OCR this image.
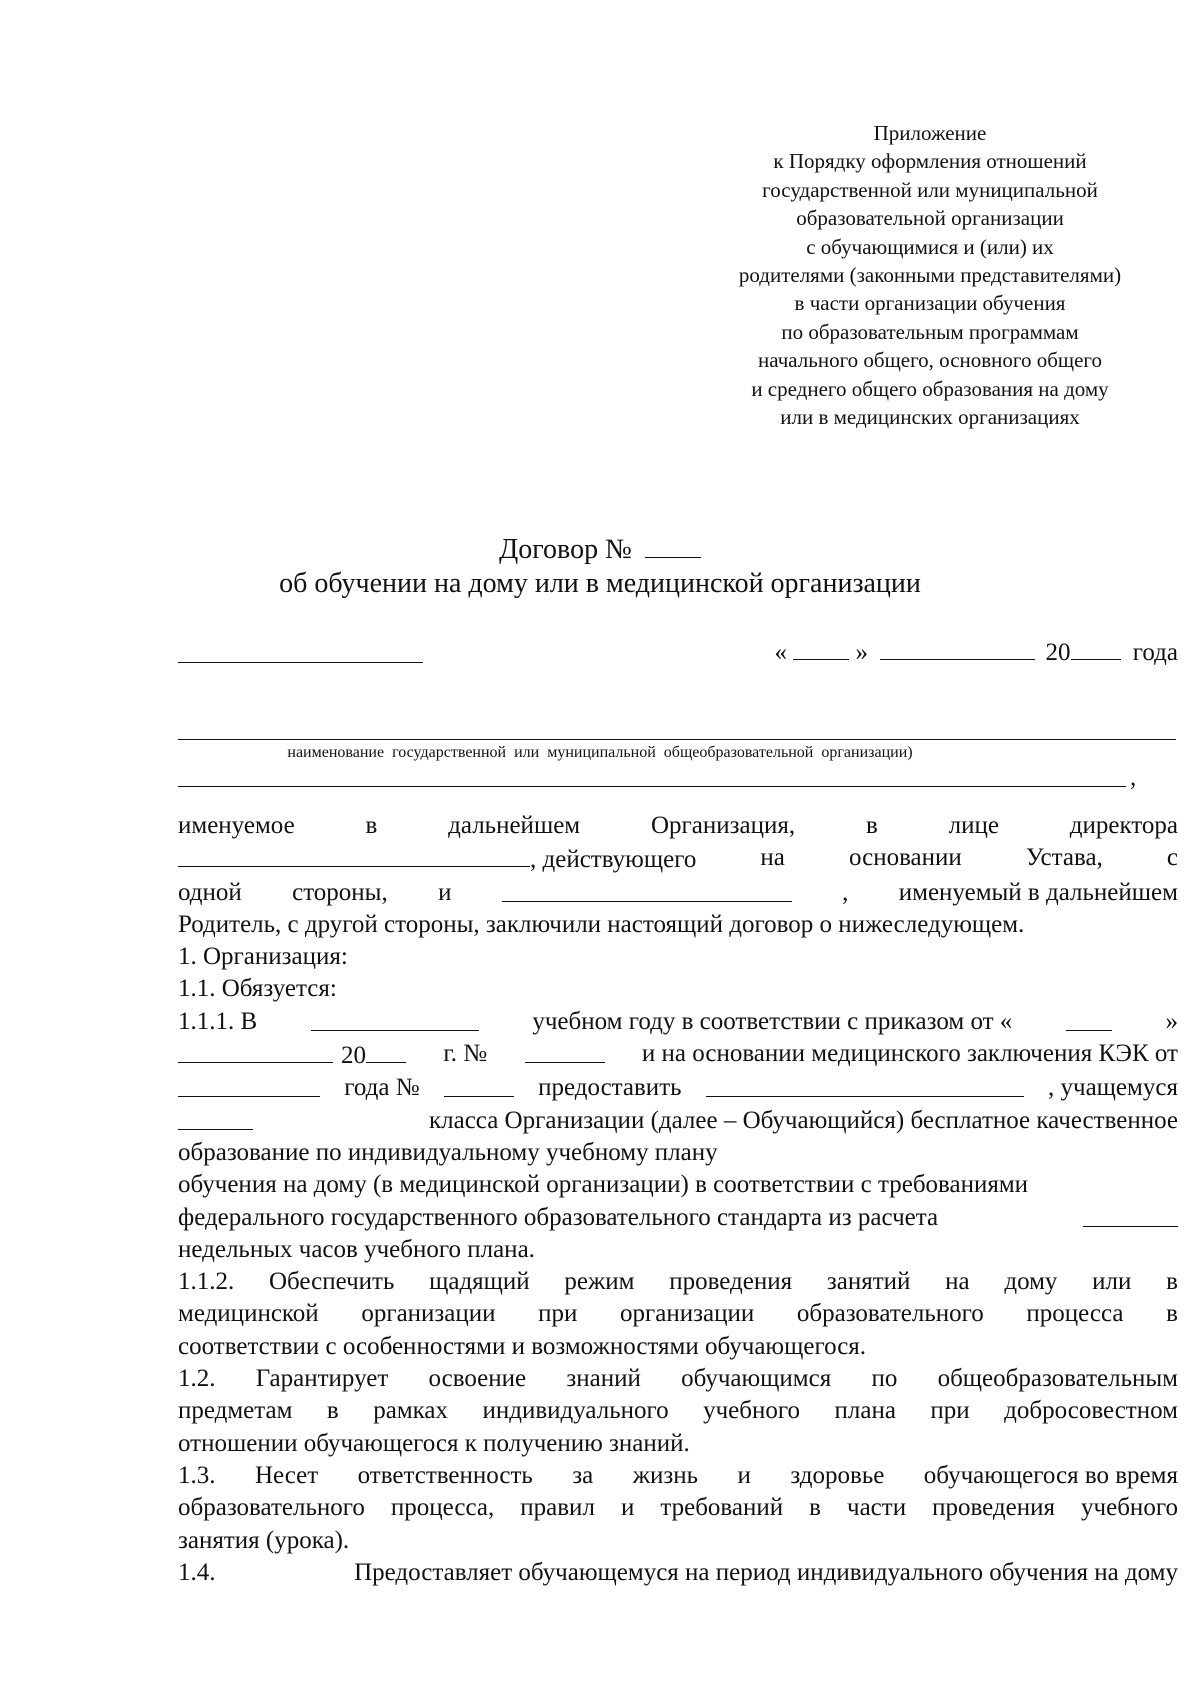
Приложение
к Порядку оформления отношений
государственной или муниципальной
образовательной организации
с обучающимися и (или) их
родителями (законными представителями)
в части организации обучения
по образовательным программам
начального общего, основного общего
и среднего общего образования на дому
или в медицинских организациях
Договор №
об обучении на дому или в медицинской организации
«	»	20 года
наименование государственной или муниципальной общеобразовательной организации)
,
именуемое	в	дальнейшем	Организация,	в	лице	директора
, действующего	на	основании	Устава,	с
одной стороны, и	, именуемый в дальнейшем
Родитель, с другой стороны, заключили настоящий договор о нижеследующем.
1. Организация:
1.1. Обязуется:
1.1.1. В	учебном году в соответствии с приказом от «	»
20	г. №	и на основании медицинского заключения КЭК от
года №	предоставить	, учащемуся
класса Организации (далее – Обучающийся) бесплатное качественное
образование по индивидуальному учебному плану
обучения на дому (в медицинской организации) в соответствии с требованиями
федерального государственного образовательного стандарта из расчета
недельных часов учебного плана.
1.1.2. Обеспечить щадящий режим проведения занятий на дому или в
медицинской организации при организации образовательного процесса в
соответствии с особенностями и возможностями обучающегося.
1.2. Гарантирует освоение знаний обучающимся по общеобразовательным
предметам в рамках индивидуального учебного плана при добросовестном
отношении обучающегося к получению знаний.
1.3. Несет ответственность за жизнь и здоровье обучающегося во время
образовательного процесса, правил и требований в части проведения учебного
занятия (урока).
1.4.	Предоставляет обучающемуся на период индивидуального обучения на дому
